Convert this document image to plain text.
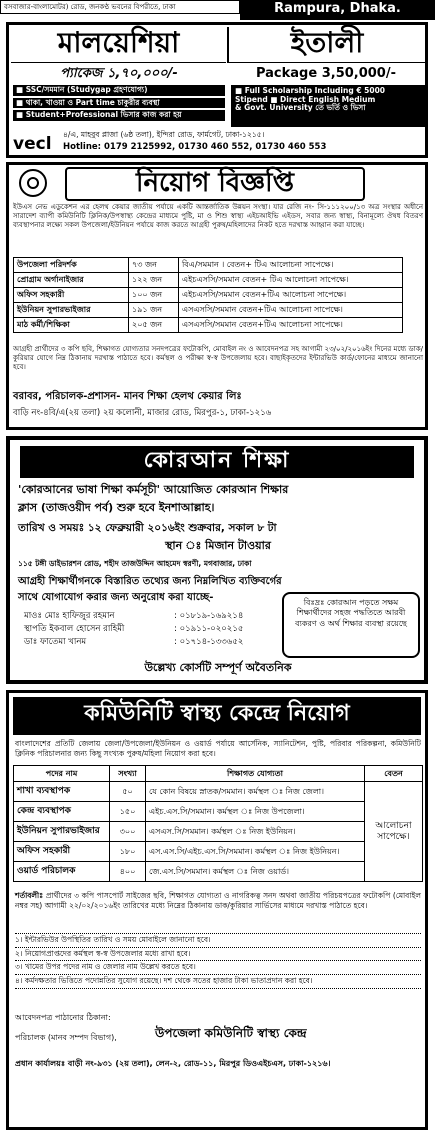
বসবাজার-বাংলামোটর) রোড, জনকণ্ঠ ভবনের বিপরীতে, ঢাকা	Rampura, Dhaka.
মালয়েশিয়া	ইতালী
প্যাকেজ ১,৭০,০০০/-	Package 3,50,000/-
■ SSC/সমমান (Studygap গ্রহণযোগ্য)
■ থাকা, খাওয়া ও Part time চাকুরীর ব্যবস্থা
■ Student+Professional ভিসার কাজ করা হয়
■ Full Scholarship Including € 5000
Stipend ■ Direct English Medium
& Govt. University তে ভর্তি ও ভিসা
vecl	৪/এ, মাহবুব প্লাজা (৬ষ্ঠ তলা), ইন্দিরা রোড, ফার্মগেট, ঢাকা-১২১৫।
Hotline: 0179 2125992, 01730 460 552, 01730 460 553
নিয়োগ বিজ্ঞপ্তি
ইউএস নেভ এডুকেশন এর হেলথ কেয়ার জাতীয় পর্যায়ে একটি আন্তর্জাতিক উন্নয়ন সংস্থা। যার রেজি নং- সি-১১১২০০/১৩ অত্র সংস্থার অধীনে সারাদেশ ব্যাপী কমিউনিটি ক্লিনিক/উপস্বাস্থ্য কেন্দ্রের মাধ্যমে পুষ্টি, মা ও শিশু স্বাস্থ্য এইচআইভি এইডস, সবার জন্য স্বাস্থ্য, বিনামূল্যে ঔষধ বিতরণ ব্যবস্থাপনার লক্ষ্যে সকল উপজেলা/ইউনিয়ন পর্যায়ে কাজ করতে আগ্রহী পুরুষ/মহিলাদের নিকট হতে দরখাস্ত আহ্বান করা যাচ্ছে।
উপজেলা পরিদর্শক	৭৩ জন	বিএ/সমমান । বেতন+ টিএ আলোচনা সাপেক্ষে।
প্রোগ্রাম অর্গানাইজার	১২২ জন	এইচএসসি/সমমান বেতন+ টিএ আলোচনা সাপেক্ষে।
অফিস সহকারী	১০০ জন	এইচএসসি/সমমান বেতন+টিএ আলোচনা সাপেক্ষে।
ইউনিয়ন সুপারভাইজার	১৯১ জন	এসএসসি/সমমান বেতন+টিএ আলোচনা সাপেক্ষে।
মাঠ কর্মী/শিক্ষিকা	২০৫ জন	এসএসসি/সমমান বেতন+টিএ আলোচনা সাপেক্ষে।
আগ্রহী প্রার্থীদের ৩ কপি ছবি, শিক্ষাগত যোগ্যতার সনদপত্রের ফটোকপি, মোবাইল নং ও আবেদনপত্র সহ আগামী ২৩/০২/২০১৬ইং দিনের মধ্যে ডাক/কুরিয়ার যোগে নিম্ন ঠিকানায় দরখাস্ত পাঠাতে হবে। কর্মস্থল ও পরীক্ষা স্ব-স্ব উপজেলায় হবে। বাছাইকৃতদের ইন্টারভিউ কার্ড/ফোনের মাধ্যমে জানানো হবে।
বরাবর, পরিচালক-প্রশাসন- মানব শিক্ষা হেলথ কেয়ার লিঃ
বাড়ি নং-৪বি/এ(২য় তলা) ২য় কলোনী, মাজার রোড, মিরপুর-১, ঢাকা-১২১৬
কোরআন শিক্ষা
'কোরআনের ভাষা শিক্ষা কর্মসূচী' আয়োজিত কোরআন শিক্ষার
ক্লাস (তাজওয়ীদ পর্ব) শুরু হবে ইনশাআল্লাহ।
তারিখ ও সময়ঃ ১২ ফেব্রুয়ারী ২০১৬ইং শুক্রবার, সকাল ৮ টা
স্থান ঃ মিজান টাওয়ার
১১৫ টঙ্গী ডাইভারশন রোড, শহীদ তাজউদ্দিন আহমেদ স্বরণী, মগবাজার, ঢাকা
আগ্রহী শিক্ষার্থীগনকে বিস্তারিত তথ্যের জন্য নিম্নলিখিত ব্যক্তিবর্গের
সাথে যোগাযোগ করার জন্য অনুরোধ করা যাচ্ছে-
মাওঃ মোঃ হাফিজুর রহমান	: ০১৮১৯-১৬৯২১৪
স্থাপতি ইকবাল হোসেন রাহিমী	: ০১৯১১-০২০২১৫
ডাঃ ফাতেমা খানম	: ০১৭১৪-১৩৩৬৫২
বিঃদ্রঃ কোরআন পড়তে সক্ষম শিক্ষার্থীদের সহজ পদ্ধতিতে আরবী ব্যকরণ ও অর্থ শিক্ষার ব্যবস্থা রয়েছে
উল্লেখ্য কোর্সটি সম্পূর্ণ অবৈতনিক
কমিউনিটি স্বাস্থ্য কেন্দ্রে নিয়োগ
বাংলাদেশের প্রতিটি জেলায় জেলা/উপজেলা/ইউনিয়ন ও ওয়ার্ড পর্যায়ে আর্সেনিক, স্যানিটেশন, পুষ্টি, পরিবার পরিকল্পনা, কমিউনিটি ক্লিনিক পরিচালনার জন্য কিছু সংখ্যক পুরুষ/মহিলা নিয়োগ করা হবে।
পদের নাম	সংখ্যা	শিক্ষাগত যোগ্যতা	বেতন
শাখা ব্যবস্থাপক	৫০	যে কোন বিষয়ে স্নাতক/সমমান। কর্মস্থল ঃ নিজ জেলা।	আলোচনা সাপেক্ষে।
কেন্দ্র ব্যবস্থাপক	১৫০	এইচ.এস.সি/সমমান। কর্মস্থল ঃ নিজ উপজেলা।	
ইউনিয়ন সুপারভাইজার	৩০০	এসএস.সি/সমমান। কর্মস্থল ঃ নিজ ইউনিয়ন।	
অফিস সহকারী	১৮০	এস.এস.সি/এইচ.এস.সি/সমমান। কর্মস্থল ঃ নিজ ইউনিয়ন।	
ওয়ার্ড পরিচালক	৪০০	জে.এস.সি/সমমান। কর্মস্থল ঃ নিজ ওয়ার্ড।	
শর্তাবলীঃ প্রার্থীদের ৩ কপি পাসপোর্ট সাইজের ছবি, শিক্ষাগত যোগ্যতা ও নাগরিকত্ব সনদ অথবা জাতীয় পরিচয়পত্রের ফটোকপি (মোবাইল নম্বর সহ) আগামী ২২/০২/২০১৬ইং তারিখের মধ্যে নিম্নের ঠিকানায় ডাক/কুরিয়ার সার্ভিসের মাধ্যমে দরখাস্ত পাঠাতে হবে।
১। ইন্টারভিউর উপস্থিতির তারিখ ও সময় মোবাইলে জানানো হবে।
২। নিয়োগপ্রাপ্তদের কর্মস্থল স্ব-স্ব উপজেলার মধ্যে রাখা হবে।
৩। খামের উপর পদের নাম ও জেলার নাম উল্লেখ করতে হবে।
৪। কর্মদক্ষতার ভিত্তিতে পদোন্নতির সুযোগ রয়েছে। দশ থেকে সতের হাজার টাকা ভাতাপ্রদান করা হবে।
আবেদনপত্র পাঠানোর ঠিকানা:
পরিচালক (মানব সম্পদ বিভাগ),	উপজেলা কমিউনিটি স্বাস্থ্য কেন্দ্র
প্রধান কার্যালয়ঃ বাড়ী নং-৯৩১ (২য় তলা), লেন-২, রোড-১১, মিরপুর ডিওএইচএস, ঢাকা-১২১৬।
